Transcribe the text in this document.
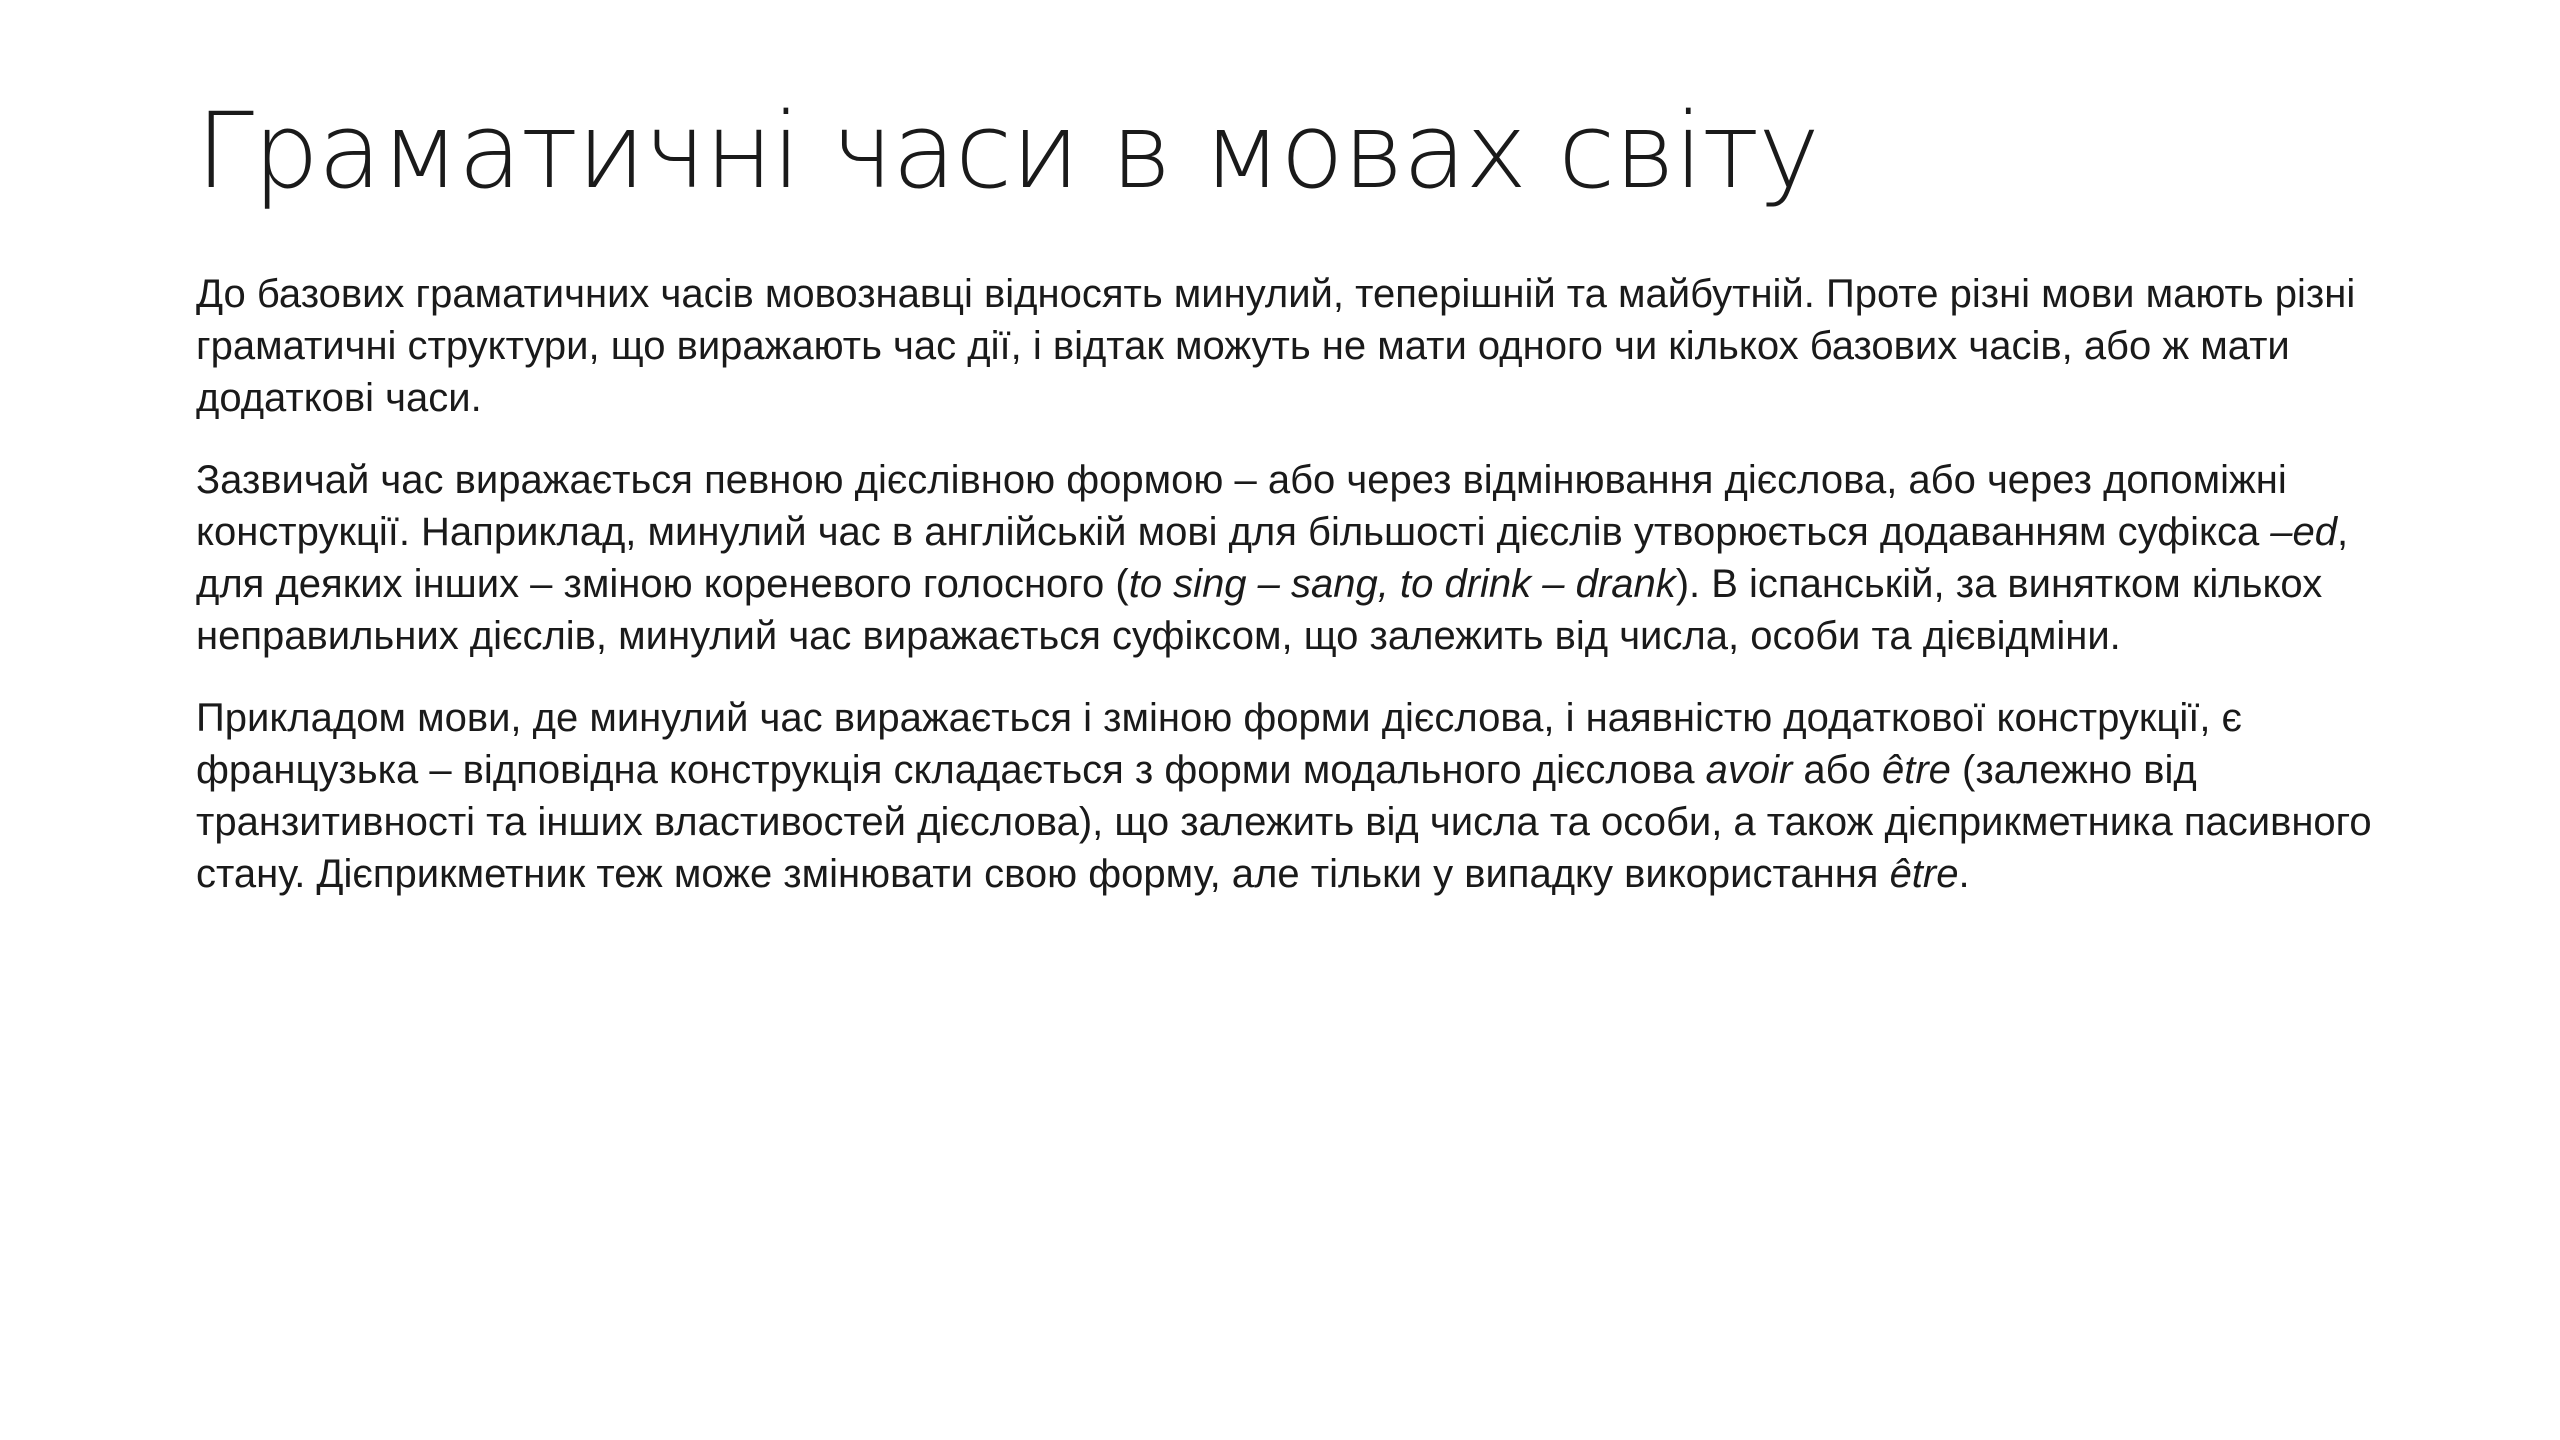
Граматичні часи в мовах світу

До базових граматичних часів мовознавці відносять минулий, теперішній та майбутній. Проте різні мови мають різні граматичні структури, що виражають час дії, і відтак можуть не мати одного чи кількох базових часів, або ж мати додаткові часи.

Зазвичай час виражається певною дієслівною формою – або через відмінювання дієслова, або через допоміжні конструкції. Наприклад, минулий час в англійській мові для більшості дієслів утворюється додаванням суфікса –ed, для деяких інших – зміною кореневого голосного (to sing – sang, to drink – drank). В іспанській, за винятком кількох неправильних дієслів, минулий час виражається суфіксом, що залежить від числа, особи та дієвідміни.

Прикладом мови, де минулий час виражається і зміною форми дієслова, і наявністю додаткової конструкції, є французька – відповідна конструкція складається з форми модального дієслова avoir або être (залежно від транзитивності та інших властивостей дієслова), що залежить від числа та особи, а також дієприкметника пасивного стану. Дієприкметник теж може змінювати свою форму, але тільки у випадку використання être.
